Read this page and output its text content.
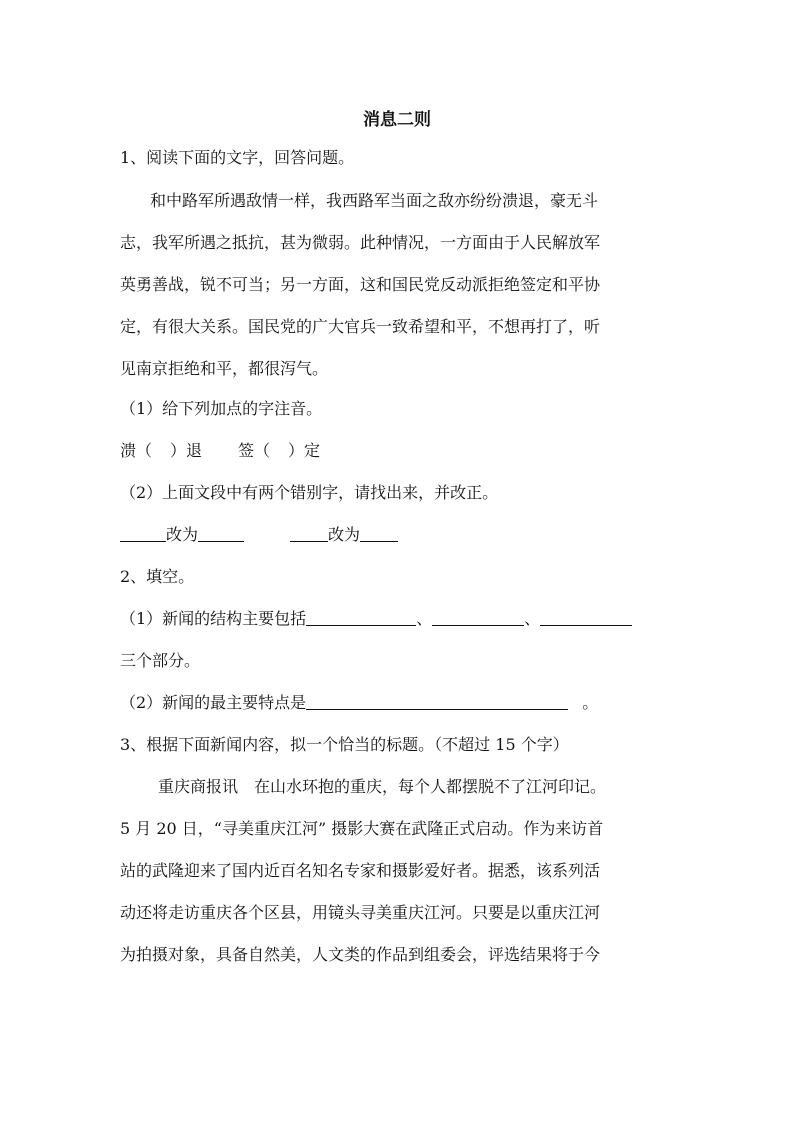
消息二则
1、阅读下面的文字，回答问题。
和中路军所遇敌情一样，我西路军当面之敌亦纷纷溃退，豪无斗
志，我军所遇之抵抗，甚为微弱。此种情况，一方面由于人民解放军
英勇善战，锐不可当；另一方面，这和国民党反动派拒绝签定和平协
定，有很大关系。国民党的广大官兵一致希望和平，不想再打了，听
见南京拒绝和平，都很泻气。
（1）给下列加点的字注音。
溃（ ）退 签（ ）定
（2）上面文段中有两个错别字，请找出来，并改正。
改为	改为
2、填空。
（1）新闻的结构主要包括	、	、
三个部分。
（2）新闻的最主要特点是	。
3、根据下面新闻内容，拟一个恰当的标题。（不超过 15 个字）
重庆商报讯　在山水环抱的重庆，每个人都摆脱不了江河印记。
5 月 20 日，“寻美重庆江河” 摄影大赛在武隆正式启动。作为来访首
站的武隆迎来了国内近百名知名专家和摄影爱好者。据悉，该系列活
动还将走访重庆各个区县，用镜头寻美重庆江河。只要是以重庆江河
为拍摄对象，具备自然美，人文类的作品到组委会，评选结果将于今
